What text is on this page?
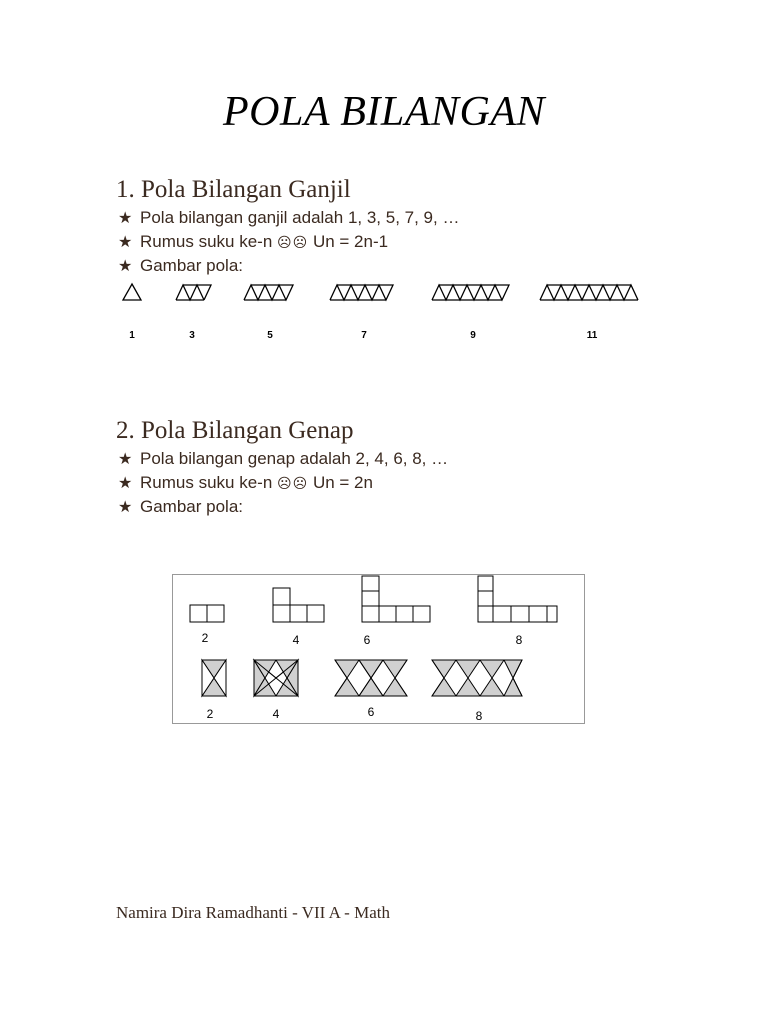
POLA BILANGAN
1. Pola Bilangan Ganjil
★ Pola bilangan ganjil adalah 1, 3, 5, 7, 9, …
★ Rumus suku ke-n ☹☹ Un = 2n-1
★ Gambar pola:
1	3	5	7	9	11
2. Pola Bilangan Genap
★ Pola bilangan genap adalah 2, 4, 6, 8, …
★ Rumus suku ke-n ☹☹ Un = 2n
★ Gambar pola:
2	4	6	8
2	4	6	8
Namira Dira Ramadhanti - VII A - Math
